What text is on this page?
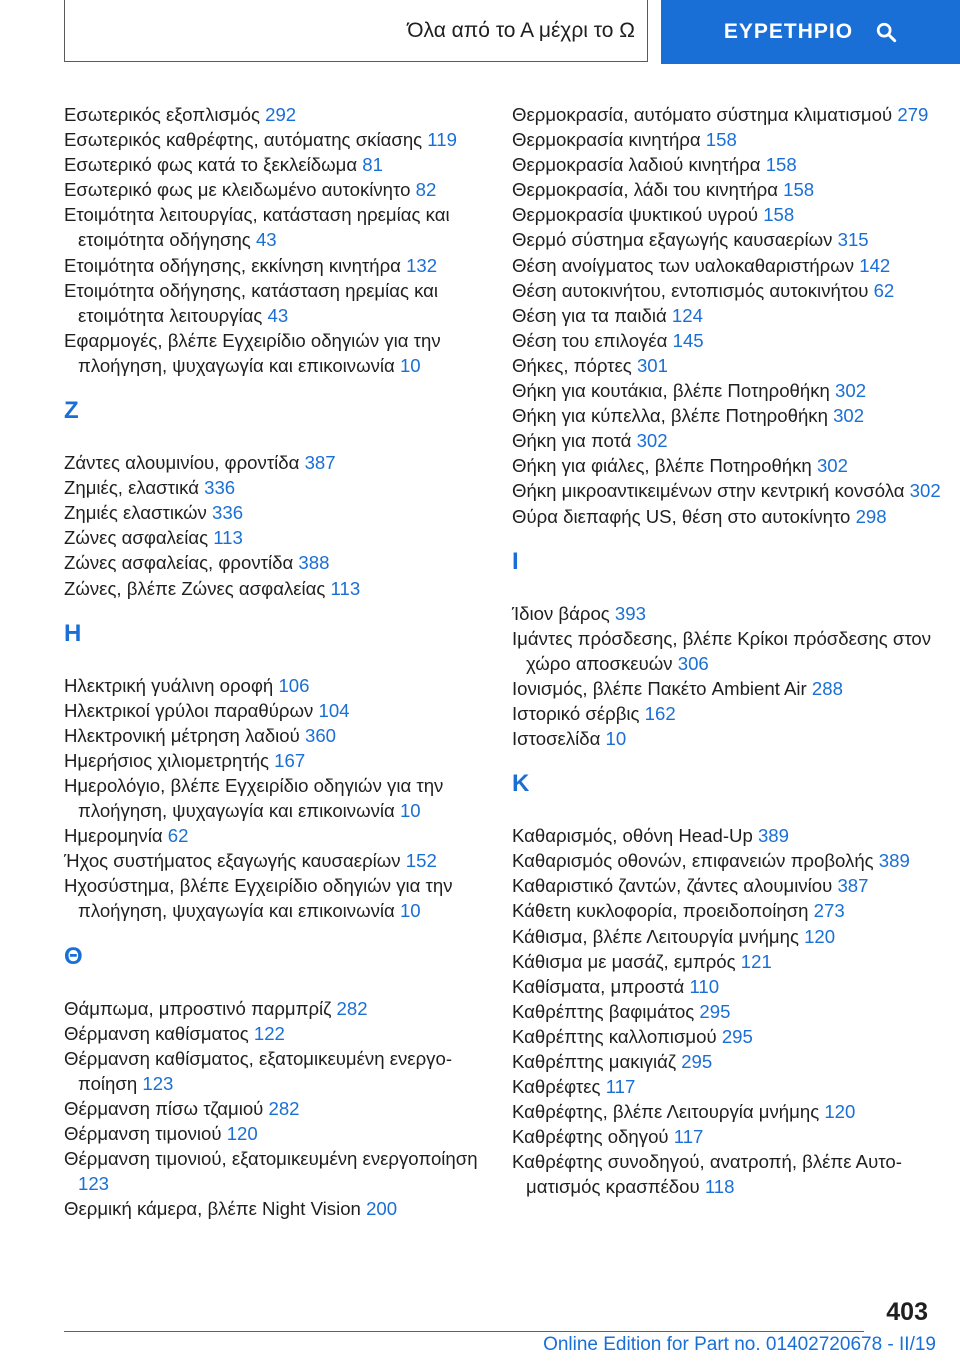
Όλα από το Α μέχρι το Ω	ΕΥΡΕΤΗΡΙΟ
Εσωτερικός εξοπλισμός 292
Εσωτερικός καθρέφτης, αυτόματης σκίασης 119
Εσωτερικό φως κατά το ξεκλείδωμα 81
Εσωτερικό φως με κλειδωμένο αυτοκίνητο 82
Ετοιμότητα λειτουργίας, κατάσταση ηρεμίας και ετοιμότητα οδήγησης 43
Ετοιμότητα οδήγησης, εκκίνηση κινητήρα 132
Ετοιμότητα οδήγησης, κατάσταση ηρεμίας και ετοιμότητα λειτουργίας 43
Εφαρμογές, βλέπε Εγχειρίδιο οδηγιών για την πλοήγηση, ψυχαγωγία και επικοινωνία 10
Z
Ζάντες αλουμινίου, φροντίδα 387
Ζημιές, ελαστικά 336
Ζημιές ελαστικών 336
Ζώνες ασφαλείας 113
Ζώνες ασφαλείας, φροντίδα 388
Ζώνες, βλέπε Ζώνες ασφαλείας 113
H
Ηλεκτρική γυάλινη οροφή 106
Ηλεκτρικοί γρύλοι παραθύρων 104
Ηλεκτρονική μέτρηση λαδιού 360
Ημερήσιος χιλιομετρητής 167
Ημερολόγιο, βλέπε Εγχειρίδιο οδηγιών για την πλοήγηση, ψυχαγωγία και επικοινωνία 10
Ημερομηνία 62
Ήχος συστήματος εξαγωγής καυσαερίων 152
Ηχοσύστημα, βλέπε Εγχειρίδιο οδηγιών για την πλοήγηση, ψυχαγωγία και επικοινωνία 10
Θ
Θάμπωμα, μπροστινό παρμπρίζ 282
Θέρμανση καθίσματος 122
Θέρμανση καθίσματος, εξατομικευμένη ενεργοποίηση 123
Θέρμανση πίσω τζαμιού 282
Θέρμανση τιμονιού 120
Θέρμανση τιμονιού, εξατομικευμένη ενεργοποίηση 123
Θερμική κάμερα, βλέπε Night Vision 200
Θερμοκρασία, αυτόματο σύστημα κλιματισμού 279
Θερμοκρασία κινητήρα 158
Θερμοκρασία λαδιού κινητήρα 158
Θερμοκρασία, λάδι του κινητήρα 158
Θερμοκρασία ψυκτικού υγρού 158
Θερμό σύστημα εξαγωγής καυσαερίων 315
Θέση ανοίγματος των υαλοκαθαριστήρων 142
Θέση αυτοκινήτου, εντοπισμός αυτοκινήτου 62
Θέση για τα παιδιά 124
Θέση του επιλογέα 145
Θήκες, πόρτες 301
Θήκη για κουτάκια, βλέπε Ποτηροθήκη 302
Θήκη για κύπελλα, βλέπε Ποτηροθήκη 302
Θήκη για ποτά 302
Θήκη για φιάλες, βλέπε Ποτηροθήκη 302
Θήκη μικροαντικειμένων στην κεντρική κονσόλα 302
Θύρα διεπαφής US, θέση στο αυτοκίνητο 298
I
Ίδιον βάρος 393
Ιμάντες πρόσδεσης, βλέπε Κρίκοι πρόσδεσης στον χώρο αποσκευών 306
Ιονισμός, βλέπε Πακέτο Ambient Air 288
Ιστορικό σέρβις 162
Ιστοσελίδα 10
K
Καθαρισμός, οθόνη Head-Up 389
Καθαρισμός οθονών, επιφανειών προβολής 389
Καθαριστικό ζαντών, ζάντες αλουμινίου 387
Κάθετη κυκλοφορία, προειδοποίηση 273
Κάθισμα, βλέπε Λειτουργία μνήμης 120
Κάθισμα με μασάζ, εμπρός 121
Καθίσματα, μπροστά 110
Καθρέπτης βαφιμάτος 295
Καθρέπτης καλλοπισμού 295
Καθρέπτης μακιγιάζ 295
Καθρέφτες 117
Καθρέφτης, βλέπε Λειτουργία μνήμης 120
Καθρέφτης οδηγού 117
Καθρέφτης συνοδηγού, ανατροπή, βλέπε Αυτοματισμός κρασπέδου 118
403
Online Edition for Part no. 01402720678 - II/19
